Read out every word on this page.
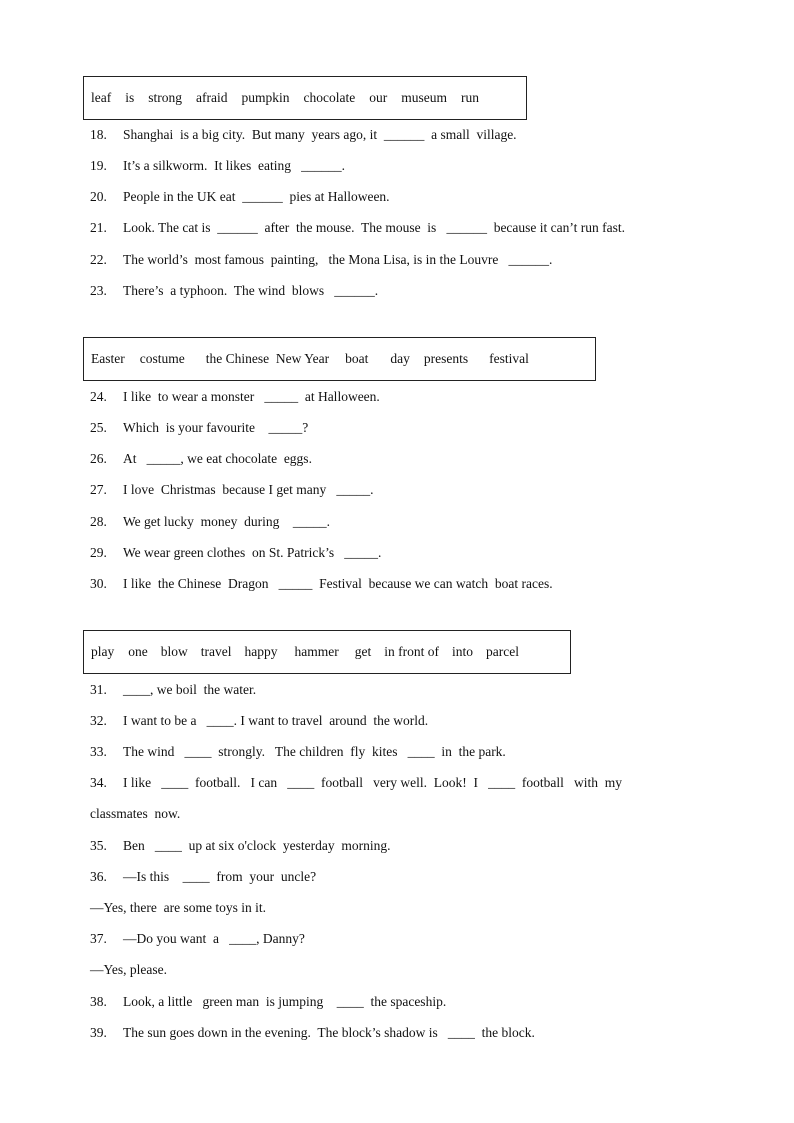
leaf is strong afraid pumpkin chocolate our museum run
18. Shanghai  is a big city.  But many  years ago, it  ______  a small  village.
19. It’s a silkworm.  It likes  eating   ______.
20. People in the UK eat  ______  pies at Halloween.
21. Look. The cat is  ______  after  the mouse.  The mouse  is   ______  because it can’t run fast.
22. The world’s  most famous  painting,   the Mona Lisa, is in the Louvre   ______.
23. There’s  a typhoon.  The wind  blows   ______.
Easter costume the Chinese  New Year boat day presents festival
24. I like  to wear a monster   _____  at Halloween.
25. Which  is your favourite    _____?
26. At   _____, we eat chocolate  eggs.
27. I love  Christmas  because I get many   _____.
28. We get lucky  money  during    _____.
29. We wear green clothes  on St. Patrick’s   _____.
30. I like  the Chinese  Dragon   _____  Festival  because we can watch  boat races.
play one blow travel happy hammer get in front of into parcel
31. ____, we boil  the water.
32. I want to be a   ____. I want to travel  around  the world.
33. The wind   ____  strongly.   The children  fly  kites   ____  in  the park.
34. I like   ____  football.   I can   ____  football   very well.  Look!  I   ____  football   with  my
classmates  now.
35. Ben   ____  up at six o'clock  yesterday  morning.
36. —Is this    ____  from  your  uncle?
—Yes, there  are some toys in it.
37. —Do you want  a   ____, Danny?
—Yes, please.
38. Look, a little   green man  is jumping    ____  the spaceship.
39. The sun goes down in the evening.  The block’s shadow is   ____  the block.
